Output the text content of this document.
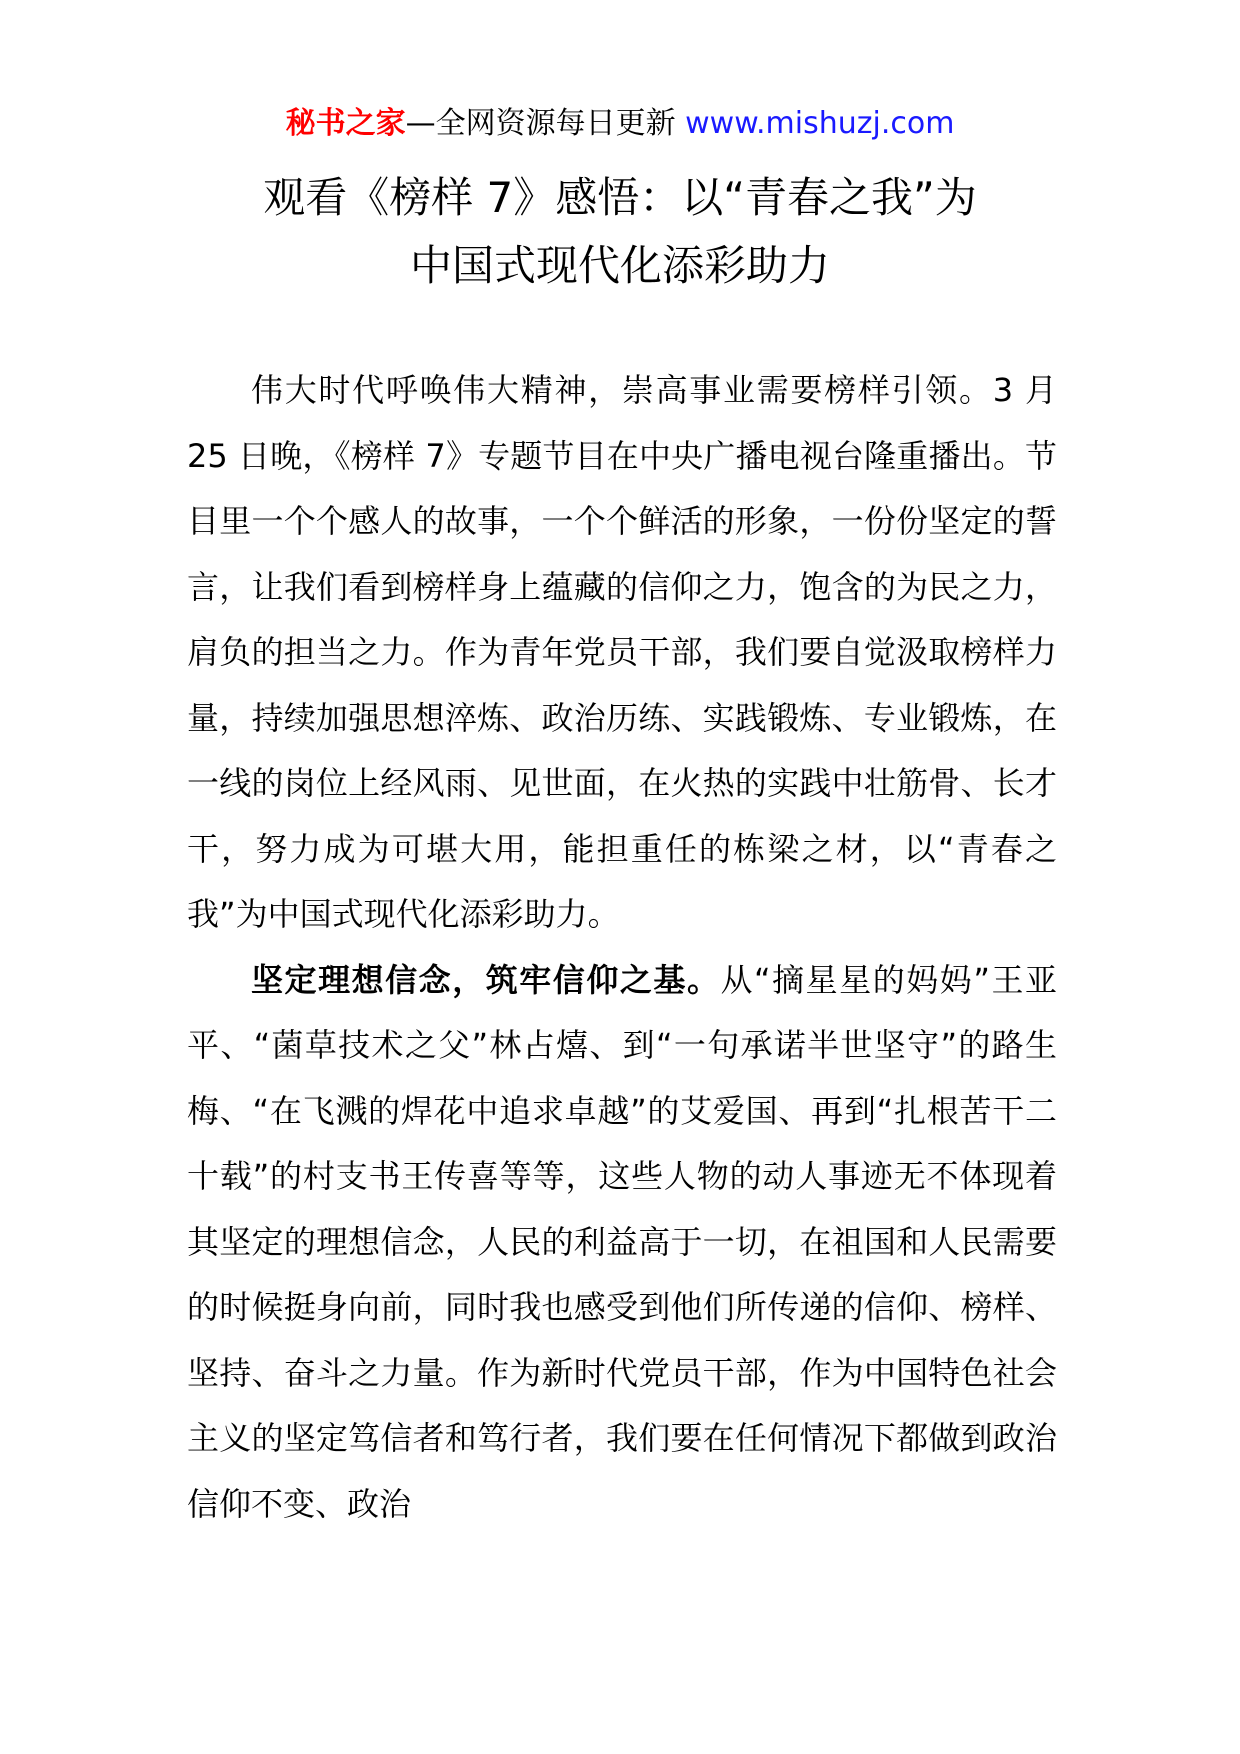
秘书之家—全网资源每日更新 www.mishuzj.com
观看《榜样 7》感悟：以“青春之我”为
中国式现代化添彩助力

伟大时代呼唤伟大精神，崇高事业需要榜样引领。3 月 25 日晚，《榜样 7》专题节目在中央广播电视台隆重播出。节目里一个个感人的故事，一个个鲜活的形象，一份份坚定的誓言，让我们看到榜样身上蕴藏的信仰之力，饱含的为民之力，肩负的担当之力。作为青年党员干部，我们要自觉汲取榜样力量，持续加强思想淬炼、政治历练、实践锻炼、专业锻炼，在一线的岗位上经风雨、见世面，在火热的实践中壮筋骨、长才干，努力成为可堪大用，能担重任的栋梁之材，以“青春之我”为中国式现代化添彩助力。

坚定理想信念，筑牢信仰之基。从“摘星星的妈妈”王亚平、“菌草技术之父”林占熺、到“一句承诺半世坚守”的路生梅、“在飞溅的焊花中追求卓越”的艾爱国、再到“扎根苦干二十载”的村支书王传喜等等，这些人物的动人事迹无不体现着其坚定的理想信念，人民的利益高于一切，在祖国和人民需要的时候挺身向前，同时我也感受到他们所传递的信仰、榜样、坚持、奋斗之力量。作为新时代党员干部，作为中国特色社会主义的坚定笃信者和笃行者，我们要在任何情况下都做到政治信仰不变、政治
